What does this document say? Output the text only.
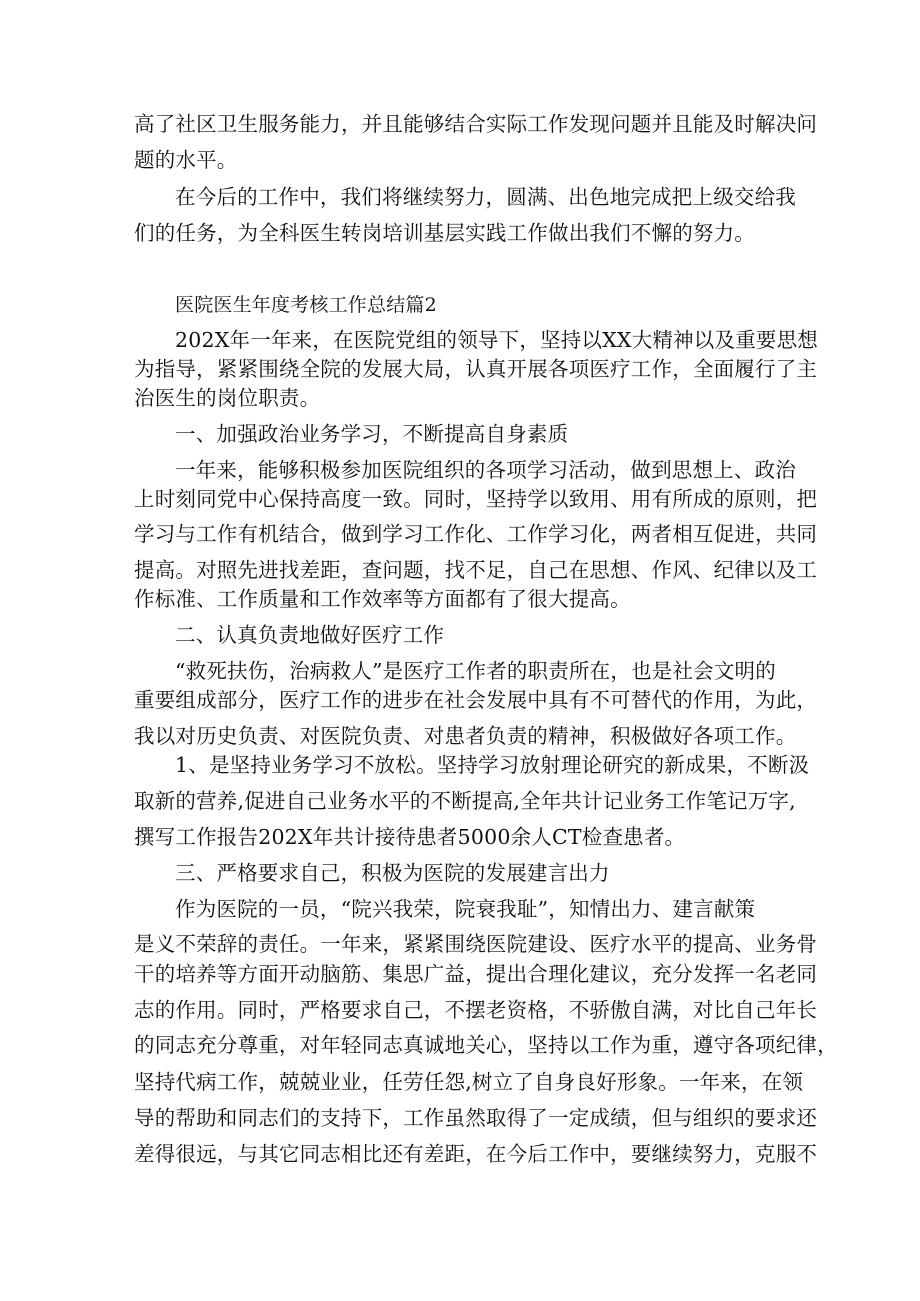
高了社区卫生服务能力，并且能够结合实际工作发现问题并且能及时解决问
题的水平。
在今后的工作中，我们将继续努力，圆满、出色地完成把上级交给我
们的任务，为全科医生转岗培训基层实践工作做出我们不懈的努力。
医院医生年度考核工作总结篇2
202X年一年来，在医院党组的领导下，坚持以XX大精神以及重要思想
为指导，紧紧围绕全院的发展大局，认真开展各项医疗工作，全面履行了主
治医生的岗位职责。
一、加强政治业务学习，不断提高自身素质
一年来，能够积极参加医院组织的各项学习活动，做到思想上、政治
上时刻同党中心保持高度一致。同时，坚持学以致用、用有所成的原则，把
学习与工作有机结合，做到学习工作化、工作学习化，两者相互促进，共同
提高。对照先进找差距，查问题，找不足，自己在思想、作风、纪律以及工
作标准、工作质量和工作效率等方面都有了很大提高。
二、认真负责地做好医疗工作
“救死扶伤，治病救人”是医疗工作者的职责所在，也是社会文明的
重要组成部分，医疗工作的进步在社会发展中具有不可替代的作用，为此，
我以对历史负责、对医院负责、对患者负责的精神，积极做好各项工作。
1、是坚持业务学习不放松。坚持学习放射理论研究的新成果，不断汲
取新的营养,促进自己业务水平的不断提高,全年共计记业务工作笔记万字,
撰写工作报告202X年共计接待患者5000余人CT检查患者。
三、严格要求自己，积极为医院的发展建言出力
作为医院的一员，“院兴我荣，院衰我耻”，知情出力、建言献策
是义不荣辞的责任。一年来，紧紧围绕医院建设、医疗水平的提高、业务骨
干的培养等方面开动脑筋、集思广益，提出合理化建议，充分发挥一名老同
志的作用。同时，严格要求自己，不摆老资格，不骄傲自满，对比自己年长
的同志充分尊重，对年轻同志真诚地关心，坚持以工作为重，遵守各项纪律，
坚持代病工作，兢兢业业，任劳任怨,树立了自身良好形象。一年来，在领
导的帮助和同志们的支持下，工作虽然取得了一定成绩，但与组织的要求还
差得很远，与其它同志相比还有差距，在今后工作中，要继续努力，克服不
